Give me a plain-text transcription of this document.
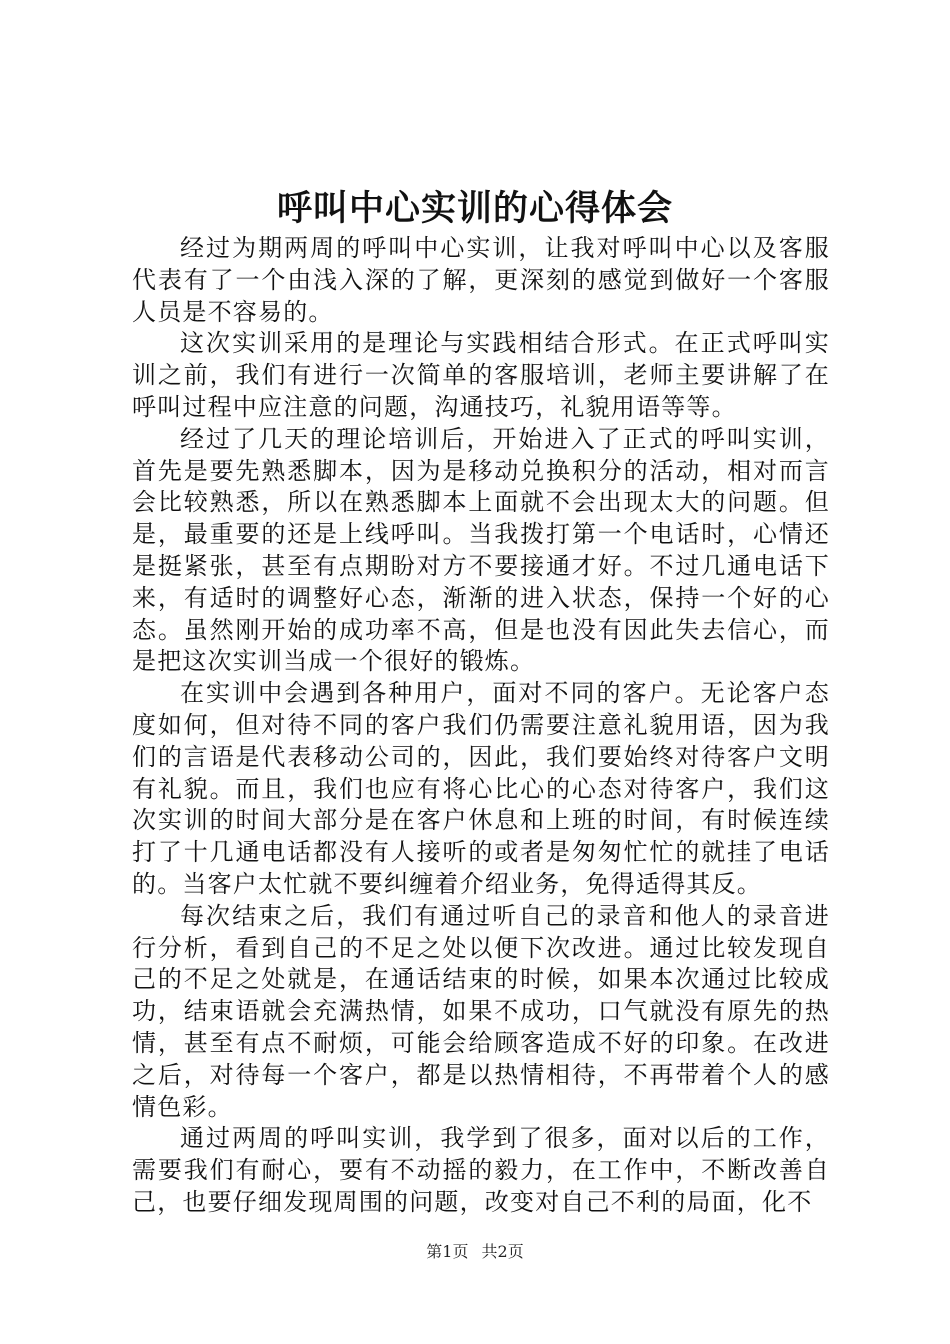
呼叫中心实训的心得体会

经过为期两周的呼叫中心实训，让我对呼叫中心以及客服代表有了一个由浅入深的了解，更深刻的感觉到做好一个客服人员是不容易的。

这次实训采用的是理论与实践相结合形式。在正式呼叫实训之前，我们有进行一次简单的客服培训，老师主要讲解了在呼叫过程中应注意的问题，沟通技巧，礼貌用语等等。

经过了几天的理论培训后，开始进入了正式的呼叫实训，首先是要先熟悉脚本，因为是移动兑换积分的活动，相对而言会比较熟悉，所以在熟悉脚本上面就不会出现太大的问题。但是，最重要的还是上线呼叫。当我拨打第一个电话时，心情还是挺紧张，甚至有点期盼对方不要接通才好。不过几通电话下来，有适时的调整好心态，渐渐的进入状态，保持一个好的心态。虽然刚开始的成功率不高，但是也没有因此失去信心，而是把这次实训当成一个很好的锻炼。

在实训中会遇到各种用户，面对不同的客户。无论客户态度如何，但对待不同的客户我们仍需要注意礼貌用语，因为我们的言语是代表移动公司的，因此，我们要始终对待客户文明有礼貌。而且，我们也应有将心比心的心态对待客户，我们这次实训的时间大部分是在客户休息和上班的时间，有时候连续打了十几通电话都没有人接听的或者是匆匆忙忙的就挂了电话的。当客户太忙就不要纠缠着介绍业务，免得适得其反。

每次结束之后，我们有通过听自己的录音和他人的录音进行分析，看到自己的不足之处以便下次改进。通过比较发现自己的不足之处就是，在通话结束的时候，如果本次通过比较成功，结束语就会充满热情，如果不成功，口气就没有原先的热情，甚至有点不耐烦，可能会给顾客造成不好的印象。在改进之后，对待每一个客户，都是以热情相待，不再带着个人的感情色彩。

通过两周的呼叫实训，我学到了很多，面对以后的工作，需要我们有耐心，要有不动摇的毅力，在工作中，不断改善自己，也要仔细发现周围的问题，改变对自己不利的局面，化不

第1页 共2页
